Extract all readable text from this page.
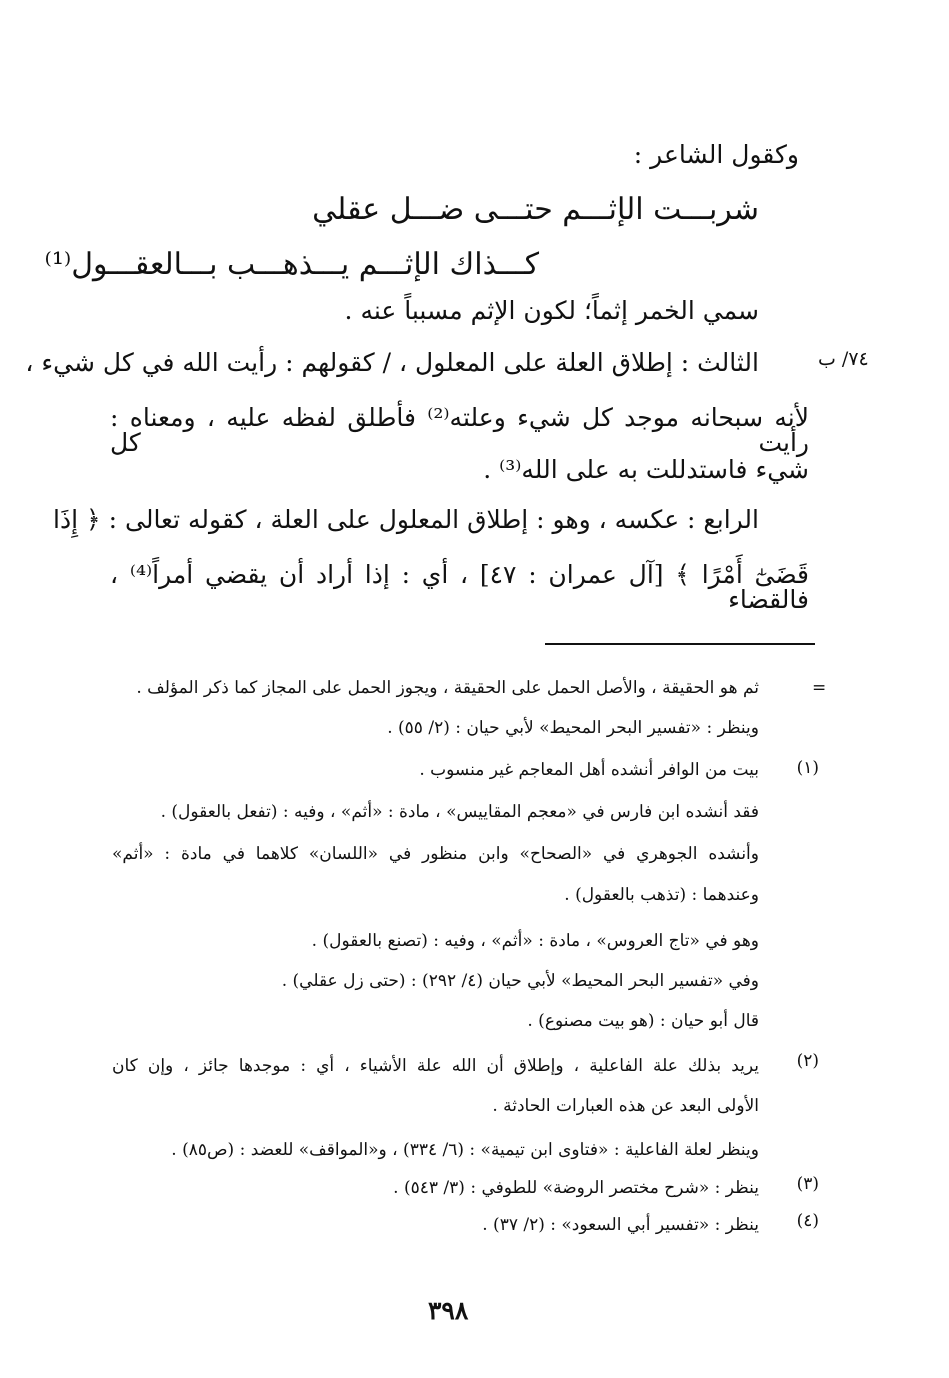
وكقول الشاعر :
شربـــت الإثـــم حتـــى ضـــل عقلي
كـــذاك الإثـــم يـــذهـــب بـــالعقـــول⁽¹⁾
سمي الخمر إثماً؛ لكون الإثم مسبباً عنه .
٧٤/ ب
الثالث : إطلاق العلة على المعلول ، / كقولهم : رأيت الله في كل شيء ،
لأنه سبحانه موجد كل شيء وعلته⁽²⁾ فأطلق لفظه عليه ، ومعناه : رأيت كل
شيء فاستدللت به على الله⁽³⁾ .
الرابع : عكسه ، وهو : إطلاق المعلول على العلة ، كقوله تعالى : ﴿ إِذَا
قَضَىٰٓ أَمْرًا ﴾ [آل عمران : ٤٧] ، أي : إذا أراد أن يقضي أمراً⁽⁴⁾ ، فالقضاء
=
ثم هو الحقيقة ، والأصل الحمل على الحقيقة ، ويجوز الحمل على المجاز كما ذكر المؤلف .
وينظر : «تفسير البحر المحيط» لأبي حيان : (٢/ ٥٥) .
(١)
بيت من الوافر أنشده أهل المعاجم غير منسوب .
فقد أنشده ابن فارس في «معجم المقاييس» ، مادة : «أثم» ، وفيه : (تفعل بالعقول) .
وأنشده الجوهري في «الصحاح» وابن منظور في «اللسان» كلاهما في مادة : «أثم»
وعندهما : (تذهب بالعقول) .
وهو في «تاج العروس» ، مادة : «أثم» ، وفيه : (تصنع بالعقول) .
وفي «تفسير البحر المحيط» لأبي حيان (٤/ ٢٩٢) : (حتى زل عقلي) .
قال أبو حيان : (هو بيت مصنوع) .
(٢)
يريد بذلك علة الفاعلية ، وإطلاق أن الله علة الأشياء ، أي : موجدها جائز ، وإن كان
الأولى البعد عن هذه العبارات الحادثة .
وينظر لعلة الفاعلية : «فتاوى ابن تيمية» : (٦/ ٣٣٤) ، و«المواقف» للعضد : (ص٨٥) .
(٣)
ينظر : «شرح مختصر الروضة» للطوفي : (٣/ ٥٤٣) .
(٤)
ينظر : «تفسير أبي السعود» : (٢/ ٣٧) .
٣٩٨
